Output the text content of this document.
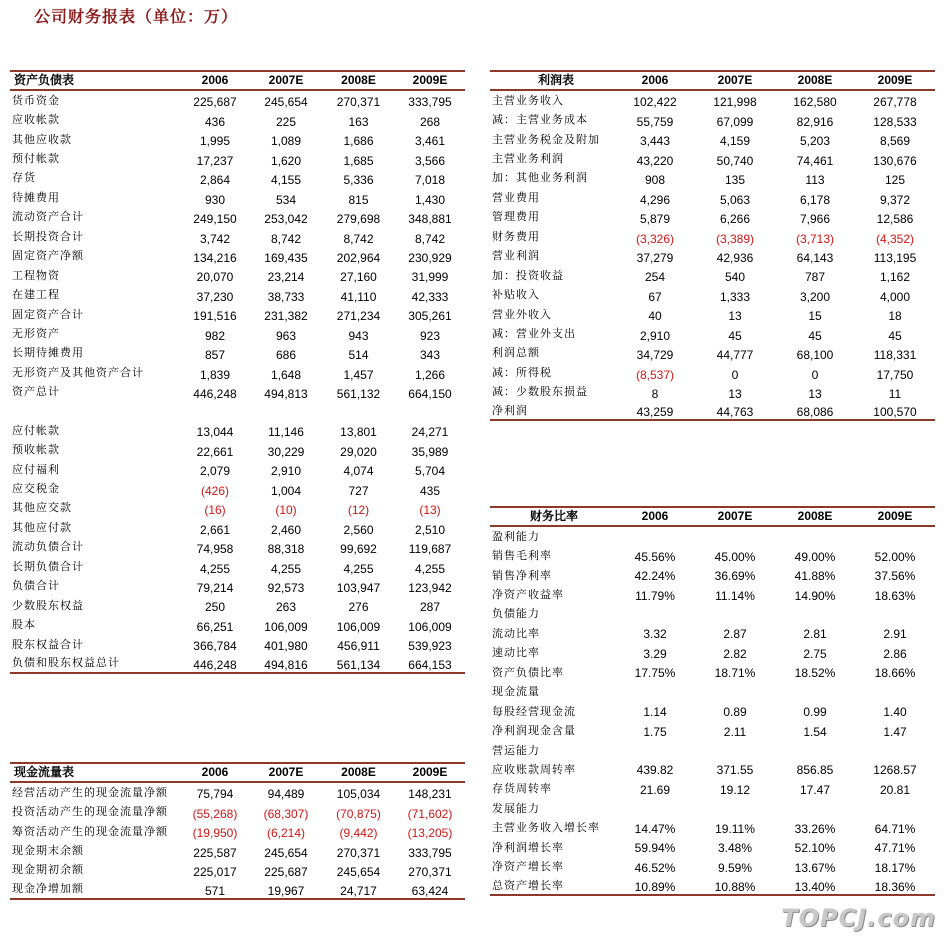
公司财务报表（单位：万）
资产负债表	2006	2007E	2008E	2009E
货币资金	225,687	245,654	270,371	333,795
应收帐款	436	225	163	268
其他应收款	1,995	1,089	1,686	3,461
预付帐款	17,237	1,620	1,685	3,566
存货	2,864	4,155	5,336	7,018
待摊费用	930	534	815	1,430
流动资产合计	249,150	253,042	279,698	348,881
长期投资合计	3,742	8,742	8,742	8,742
固定资产净额	134,216	169,435	202,964	230,929
工程物资	20,070	23,214	27,160	31,999
在建工程	37,230	38,733	41,110	42,333
固定资产合计	191,516	231,382	271,234	305,261
无形资产	982	963	943	923
长期待摊费用	857	686	514	343
无形资产及其他资产合计	1,839	1,648	1,457	1,266
资产总计	446,248	494,813	561,132	664,150

应付帐款	13,044	11,146	13,801	24,271
预收帐款	22,661	30,229	29,020	35,989
应付福利	2,079	2,910	4,074	5,704
应交税金	(426)	1,004	727	435
其他应交款	(16)	(10)	(12)	(13)
其他应付款	2,661	2,460	2,560	2,510
流动负债合计	74,958	88,318	99,692	119,687
长期负债合计	4,255	4,255	4,255	4,255
负债合计	79,214	92,573	103,947	123,942
少数股东权益	250	263	276	287
股本	66,251	106,009	106,009	106,009
股东权益合计	366,784	401,980	456,911	539,923
负债和股东权益总计	446,248	494,816	561,134	664,153
利润表	2006	2007E	2008E	2009E
主营业务收入	102,422	121,998	162,580	267,778
减：主营业务成本	55,759	67,099	82,916	128,533
主营业务税金及附加	3,443	4,159	5,203	8,569
主营业务利润	43,220	50,740	74,461	130,676
加：其他业务利润	908	135	113	125
营业费用	4,296	5,063	6,178	9,372
管理费用	5,879	6,266	7,966	12,586
财务费用	(3,326)	(3,389)	(3,713)	(4,352)
营业利润	37,279	42,936	64,143	113,195
加：投资收益	254	540	787	1,162
补贴收入	67	1,333	3,200	4,000
营业外收入	40	13	15	18
减：营业外支出	2,910	45	45	45
利润总额	34,729	44,777	68,100	118,331
减：所得税	(8,537)	0	0	17,750
减：少数股东损益	8	13	13	11
净利润	43,259	44,763	68,086	100,570
财务比率	2006	2007E	2008E	2009E
盈利能力				
销售毛利率	45.56%	45.00%	49.00%	52.00%
销售净利率	42.24%	36.69%	41.88%	37.56%
净资产收益率	11.79%	11.14%	14.90%	18.63%
负债能力				
流动比率	3.32	2.87	2.81	2.91
速动比率	3.29	2.82	2.75	2.86
资产负债比率	17.75%	18.71%	18.52%	18.66%
现金流量				
每股经营现金流	1.14	0.89	0.99	1.40
净利润现金含量	1.75	2.11	1.54	1.47
营运能力				
应收账款周转率	439.82	371.55	856.85	1268.57
存货周转率	21.69	19.12	17.47	20.81
发展能力				
主营业务收入增长率	14.47%	19.11%	33.26%	64.71%
净利润增长率	59.94%	3.48%	52.10%	47.71%
净资产增长率	46.52%	9.59%	13.67%	18.17%
总资产增长率	10.89%	10.88%	13.40%	18.36%
现金流量表	2006	2007E	2008E	2009E
经营活动产生的现金流量净额	75,794	94,489	105,034	148,231
投资活动产生的现金流量净额	(55,268)	(68,307)	(70,875)	(71,602)
筹资活动产生的现金流量净额	(19,950)	(6,214)	(9,442)	(13,205)
现金期末余额	225,587	245,654	270,371	333,795
现金期初余额	225,017	225,687	245,654	270,371
现金净增加额	571	19,967	24,717	63,424
TOPCJ.com
